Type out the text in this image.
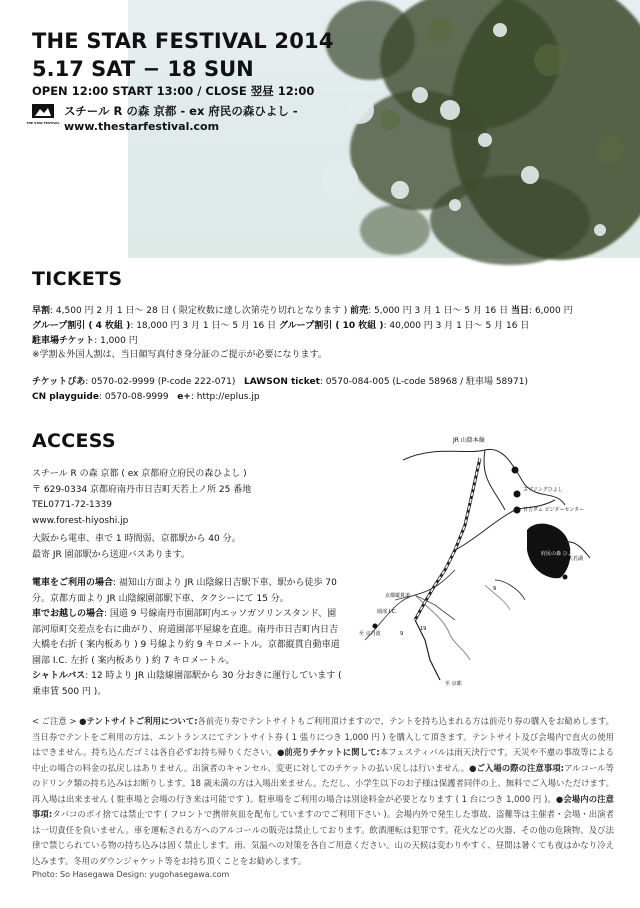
THE STAR FESTIVAL 2014
5.17 SAT − 18 SUN
OPEN 12:00 START 13:00 / CLOSE 翌昼 12:00
THE STAR FESTIVAL
スチール R の森 京都 - ex 府民の森ひよし -
www.thestarfestival.com
TICKETS
早割: 4,500 円 2 月 1 日〜 28 日 ( 限定枚数に達し次第売り切れとなります ) 前売: 5,000 円 3 月 1 日〜 5 月 16 日 当日: 6,000 円
グループ割引 ( 4 枚組 ): 18,000 円 3 月 1 日〜 5 月 16 日 グループ割引 ( 10 枚組 ): 40,000 円 3 月 1 日〜 5 月 16 日
駐車場チケット: 1,000 円
※学割＆外国人割は、当日顔写真付き身分証のご提示が必要になります。
チケットぴあ: 0570-02-9999 (P-code 222-071) LAWSON ticket: 0570-084-005 (L-code 58968 / 駐車場 58971)
CN playguide: 0570-08-9999 e+: http://eplus.jp
ACCESS

スチール R の森 京都 ( ex 京都府立府民の森ひよし )

〒 629-0334 京都府南丹市日吉町天若上ノ所 25 番地

TEL0771-72-1339

www.forest-hiyoshi.jp

大阪から電車、車で 1 時間弱、京都駅から 40 分。

最寄 JR 園部駅から送迎バスあります。

電車をご利用の場合: 福知山方面より JR 山陰線日吉駅下車、駅から徒歩 70 分。京都方面より JR 山陰線園部駅下車、タクシーにて 15 分。

車でお越しの場合: 国道 9 号線南丹市園部町内エッソガソリンスタンド、園部河原町交差点を右に曲がり、府道園部平屋線を直進。南丹市日吉町内日吉大橋を右折 ( 案内板あり ) 9 号線より約 9 キロメートル。京都縦貫自動車道園部 I.C. 左折 ( 案内板あり ) 約 7 キロメートル。

シャトルバス: 12 時より JR 山陰線園部駅から 30 分おきに運行しています ( 乗車賃 500 円 )。

JR 山陰本線
スプリングひよし
日吉ダム ビジターセンター
府民の森 ひよし
天若湖
京都縦貫道
園部 I.C.
至 京丹波
至 京都
9
19
9
< ご注意 > ●テントサイトご利用について:各前売り券でテントサイトもご利用頂けますので、テントを持ち込まれる方は前売り券の購入をお勧めします。当日券でテントをご利用の方は、エントランスにてテントサイト券 ( 1 張りにつき 1,000 円 ) を購入して頂きます。テントサイト及び会場内で直火の使用はできません。持ち込んだゴミは各自必ずお持ち帰りください。●前売りチケットに関して:本フェスティバルは雨天決行です。天災や不慮の事故等による中止の場合の料金の払戻しはありません。出演者のキャンセル、変更に対してのチケットの払い戻しは行いません。●ご入場の際の注意事項:アルコール等のドリンク類の持ち込みはお断りします。18 歳未満の方は入場出来ません。ただし、小学生以下のお子様は保護者同伴の上、無料でご入場いただけます。再入場は出来ません ( 駐車場と会場の行き来は可能です )。駐車場をご利用の場合は別途料金が必要となります ( 1 台につき 1,000 円 )。●会場内の注意事項:タバコのポイ捨ては禁止です ( フロントで携帯灰皿を配布していますのでご利用下さい )。会場内外で発生した事故、盗難等は主催者・会場・出演者は一切責任を負いません。車を運転される方へのアルコールの販売は禁止しております。飲酒運転は犯罪です。花火などの火器、その他の危険物、及び法律で禁じられている物の持ち込みは固く禁止します。雨、気温への対策を各自ご用意ください。山の天候は変わりやすく、昼間は暑くても夜はかなり冷え込みます。冬用のダウンジャケット等をお持ち頂くことをお勧めします。
Photo: So Hasegawa Design: yugohasegawa.com
